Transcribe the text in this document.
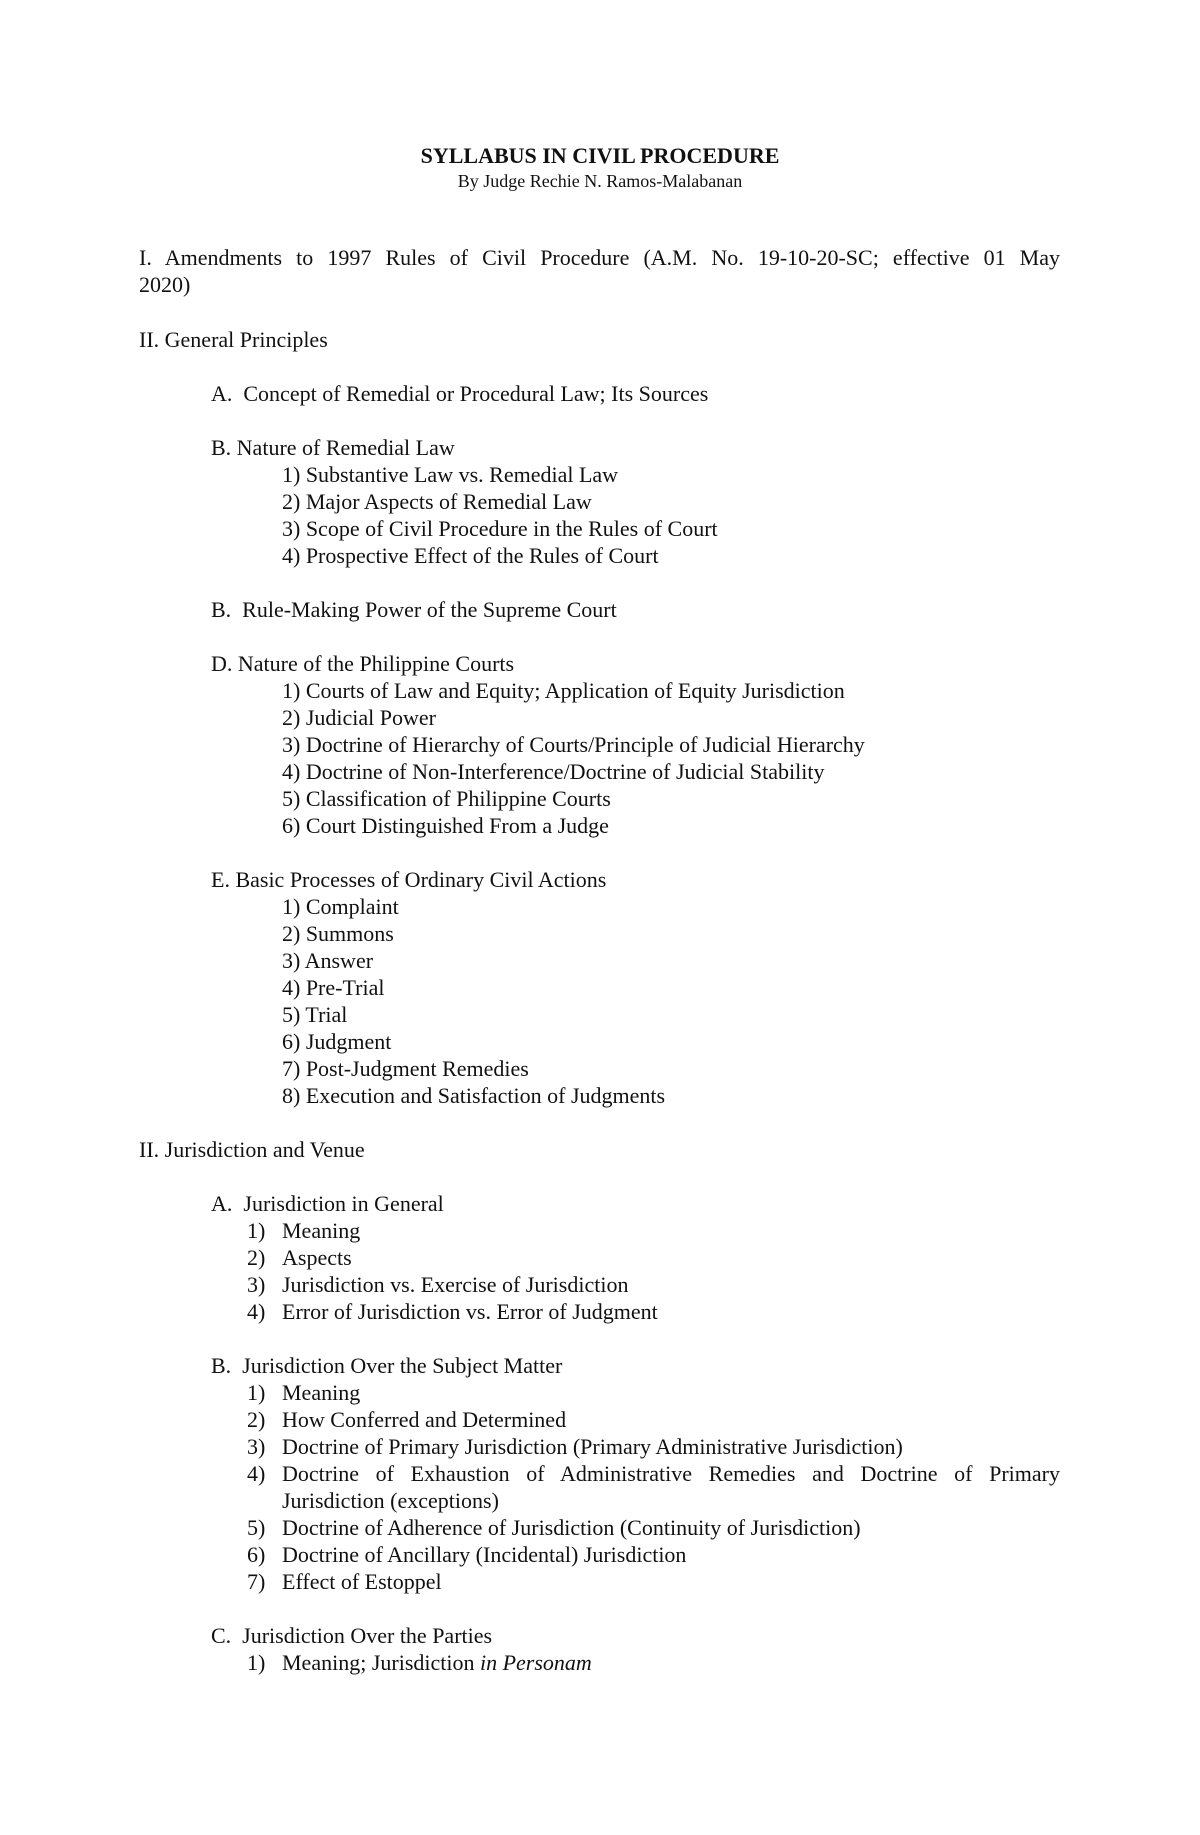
SYLLABUS IN CIVIL PROCEDURE
By Judge Rechie N. Ramos-Malabanan
I. Amendments to 1997 Rules of Civil Procedure (A.M. No. 19-10-20-SC; effective 01 May
2020)
II. General Principles
A.  Concept of Remedial or Procedural Law; Its Sources
B. Nature of Remedial Law
1) Substantive Law vs. Remedial Law
2) Major Aspects of Remedial Law
3) Scope of Civil Procedure in the Rules of Court
4) Prospective Effect of the Rules of Court
B.  Rule-Making Power of the Supreme Court
D. Nature of the Philippine Courts
1) Courts of Law and Equity; Application of Equity Jurisdiction
2) Judicial Power
3) Doctrine of Hierarchy of Courts/Principle of Judicial Hierarchy
4) Doctrine of Non-Interference/Doctrine of Judicial Stability
5) Classification of Philippine Courts
6) Court Distinguished From a Judge
E. Basic Processes of Ordinary Civil Actions
1) Complaint
2) Summons
3) Answer
4) Pre-Trial
5) Trial
6) Judgment
7) Post-Judgment Remedies
8) Execution and Satisfaction of Judgments
II. Jurisdiction and Venue
A.  Jurisdiction in General
1) Meaning
2) Aspects
3) Jurisdiction vs. Exercise of Jurisdiction
4) Error of Jurisdiction vs. Error of Judgment
B.  Jurisdiction Over the Subject Matter
1) Meaning
2) How Conferred and Determined
3) Doctrine of Primary Jurisdiction (Primary Administrative Jurisdiction)
4) Doctrine of Exhaustion of Administrative Remedies and Doctrine of Primary
Jurisdiction (exceptions)
5) Doctrine of Adherence of Jurisdiction (Continuity of Jurisdiction)
6) Doctrine of Ancillary (Incidental) Jurisdiction
7) Effect of Estoppel
C.  Jurisdiction Over the Parties
1) Meaning; Jurisdiction in Personam
